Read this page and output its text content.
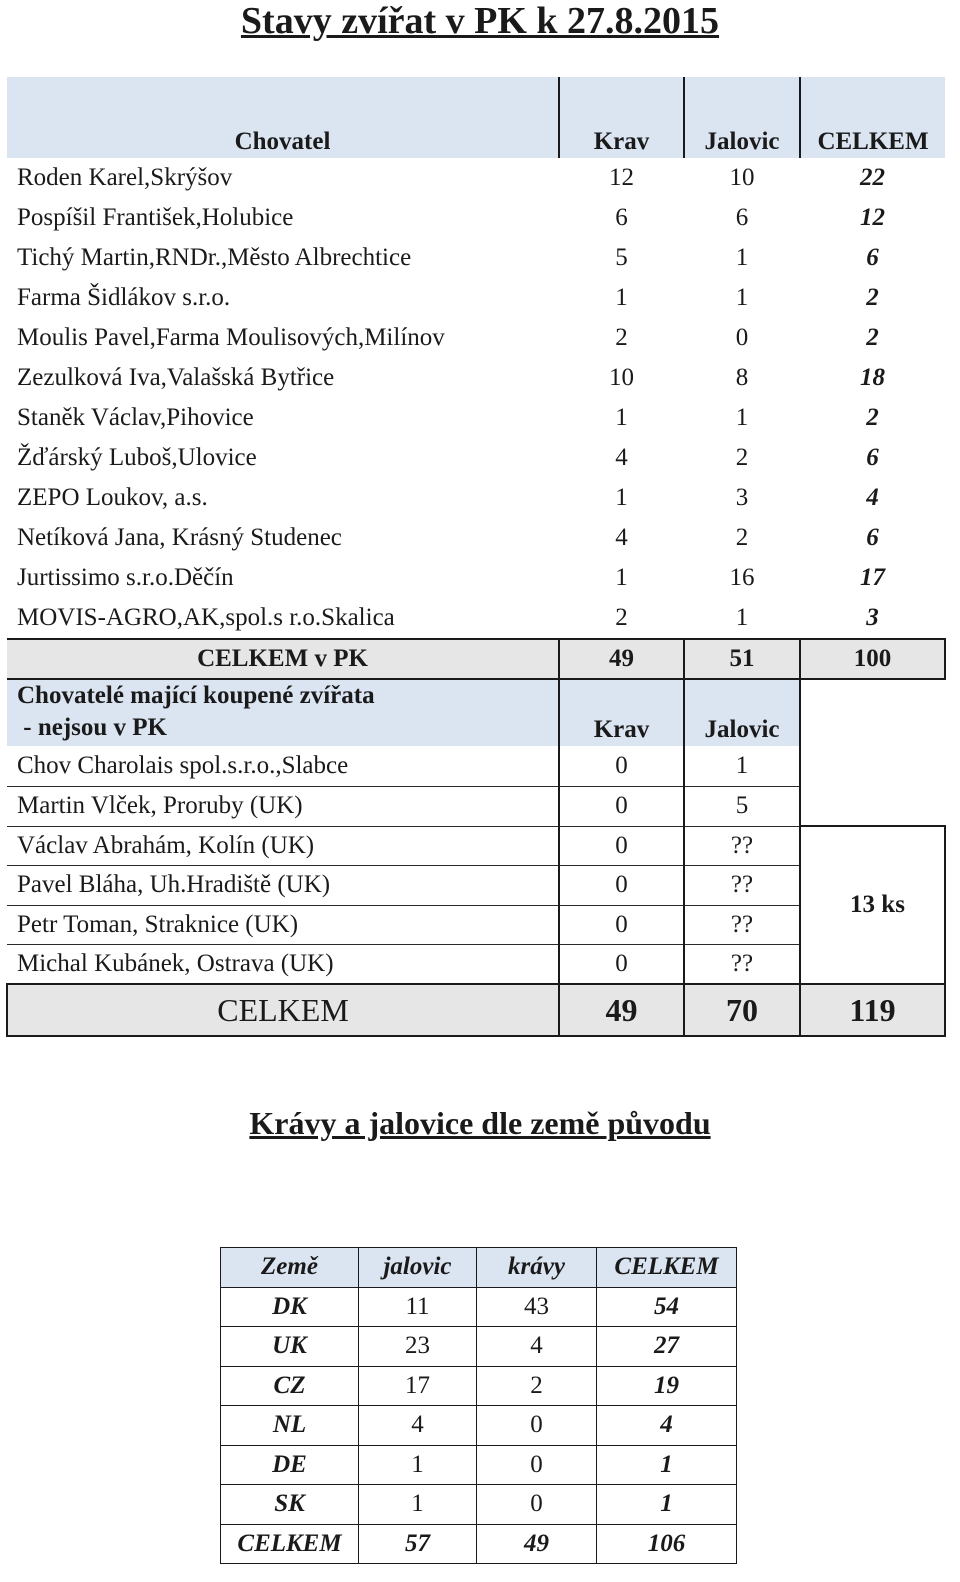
Stavy zvířat v PK k 27.8.2015
Chovatel	Krav	Jalovic	CELKEM
Roden Karel,Skrýšov	12	10	22
Pospíšil František,Holubice	6	6	12
Tichý Martin,RNDr.,Město Albrechtice	5	1	6
Farma Šidlákov s.r.o.	1	1	2
Moulis Pavel,Farma Moulisových,Milínov	2	0	2
Zezulková Iva,Valašská Bytřice	10	8	18
Staněk Václav,Pihovice	1	1	2
Žďárský Luboš,Ulovice	4	2	6
ZEPO Loukov, a.s.	1	3	4
Netíková Jana, Krásný Studenec	4	2	6
Jurtissimo s.r.o.Děčín	1	16	17
MOVIS-AGRO,AK,spol.s r.o.Skalica	2	1	3
CELKEM v PK	49	51	100

Chovatelé mající koupené zvířata
- nejsou v PK	Krav	Jalovic	
Chov Charolais spol.s.r.o.,Slabce	0	1	
Martin Vlček, Proruby (UK)	0	5	
Václav Abrahám, Kolín (UK)	0	??	13 ks
Pavel Bláha, Uh.Hradiště (UK)	0	??	
Petr Toman, Straknice (UK)	0	??	
Michal Kubánek, Ostrava (UK)	0	??	
CELKEM	49	70	119
Krávy a jalovice dle země původu
Země	jalovic	krávy	CELKEM
DK	11	43	54
UK	23	4	27
CZ	17	2	19
NL	4	0	4
DE	1	0	1
SK	1	0	1
CELKEM	57	49	106
